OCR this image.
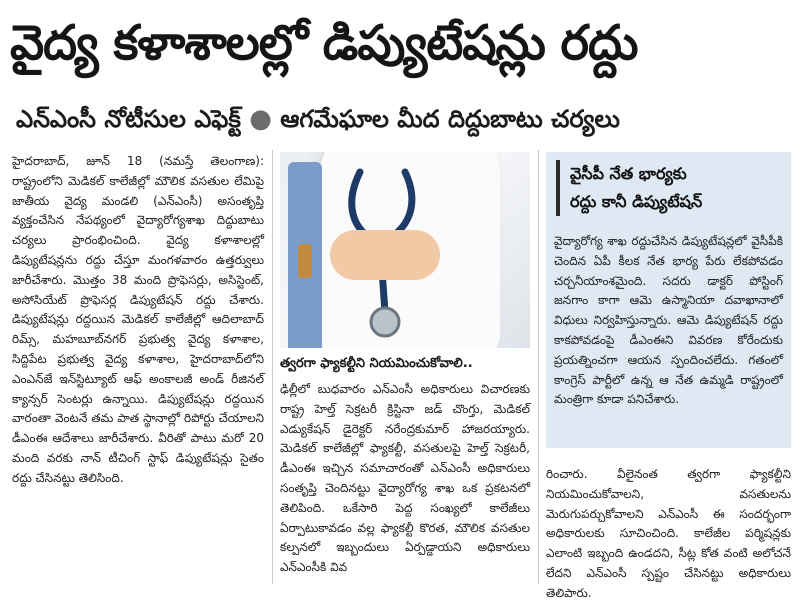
వైద్య కళాశాలల్లో డిప్యుటేషన్లు రద్దు
ఎన్‌ఎంసీ నోటీసుల ఎఫెక్ట్ ● ఆగమేఘాల మీద దిద్దుబాటు చర్యలు

హైదరాబాద్‌, జూన్‌ 18 (నమస్తే తెలంగాణ): రాష్ట్రంలోని మెడికల్‌ కాలేజీల్లో మౌలిక వసతుల లేమిపై జాతీయ వైద్య మండలి (ఎన్‌ఎంసీ) అసంతృప్తి వ్యక్తంచేసిన నేపథ్యంలో వైద్యారోగ్యశాఖ దిద్దుబాటు చర్యలు ప్రారంభించింది. వైద్య కళాశాలల్లో డిప్యుటేషన్లను రద్దు చేస్తూ మంగళవారం ఉత్తర్వులు జారీచేశారు. మొత్తం 38 మంది ప్రొఫెసర్లు, అసిస్టెంట్‌, అసోసియేట్‌ ప్రొఫెసర్ల డిప్యుటేషన్‌ రద్దు చేశారు. డిప్యుటేషన్లు రద్దయిన మెడికల్‌ కాలేజీల్లో ఆదిలాబాద్‌ రిమ్స్‌, మహబూబ్‌నగర్‌ ప్రభుత్వ వైద్య కళాశాల, సిద్దిపేట ప్రభుత్వ వైద్య కళాశాల, హైదరాబాద్‌లోని ఎంఎన్‌జే ఇన్‌స్టిట్యూట్‌ ఆఫ్‌ అంకాలజీ అండ్‌ రీజినల్‌ క్యాన్సర్‌ సెంటర్లు ఉన్నాయి. డిప్యుటేషన్లు రద్దయిన వారంతా వెంటనే తమ పాత స్థానాల్లో రిపోర్టు చేయాలని డీఎంఈ ఆదేశాలు జారీచేశారు. వీరితో పాటు మరో 20 మంది వరకు నాన్‌ టీచింగ్‌ స్టాఫ్‌ డిప్యుటేషన్లు సైతం రద్దు చేసినట్టు తెలిసింది.

త్వరగా ఫ్యాకల్టీని నియమించుకోవాలి..

ఢిల్లీలో బుధవారం ఎన్‌ఎంసీ అధికారులు విచారణకు రాష్ట్ర హెల్త్‌ సెక్రటరీ క్రిస్టినా జడ్‌ చొంగ్తు, మెడికల్‌ ఎడ్యుకేషన్‌ డైరెక్టర్‌ నరేంద్రకుమార్‌ హాజరయ్యారు. మెడికల్‌ కాలేజీల్లో ఫ్యాకల్టీ, వసతులపై హెల్త్‌ సెక్రటరీ, డీఎంఈ ఇచ్చిన సమాచారంతో ఎన్‌ఎంసీ అధికారులు సంతృప్తి చెందినట్టు వైద్యారోగ్య శాఖ ఒక ప్రకటనలో తెలిపింది. ఒకేసారి పెద్ద సంఖ్యలో కాలేజీలు ఏర్పాటుకావడం వల్ల ఫ్యాకల్టీ కొరత, మౌలిక వసతుల కల్పనలో ఇబ్బందులు ఏర్పడ్డాయని అధికారులు ఎన్‌ఎంసీకి వివ

వైసీపీ నేత భార్యకు
రద్దు కానీ డిప్యుటేషన్‌
వైద్యారోగ్య శాఖ రద్దుచేసిన డిప్యుటేషన్లలో వైసీపీకి చెందిన ఏపీ కీలక నేత భార్య పేరు లేకపోవడం చర్చనీయాంశమైంది. సదరు డాక్టర్‌ పోస్టింగ్‌ జనగాం కాగా ఆమె ఉస్మానియా దవాఖానాలో విధులు నిర్వహిస్తున్నారు. ఆమె డిప్యుటేషన్‌ రద్దు కాకపోవడంపై డీఎంఈని వివరణ కోరేందుకు ప్రయత్నించగా ఆయన స్పందించలేదు. గతంలో కాంగ్రెస్‌ పార్టీలో ఉన్న ఆ నేత ఉమ్మడి రాష్ట్రంలో మంత్రిగా కూడా పనిచేశారు.

రించారు. వీలైనంత త్వరగా ఫ్యాకల్టీని నియమించుకోవాలని, వసతులను మెరుగుపర్చుకోవాలని ఎన్‌ఎంసీ ఈ సందర్భంగా అధికారులకు సూచించింది. కాలేజీల పర్మిషన్లకు ఎలాంటి ఇబ్బంది ఉండదని, సీట్ల కోత వంటి అలోచనే లేదని ఎన్‌ఎంసీ స్పష్టం చేసినట్టు అధికారులు తెలిపారు.
